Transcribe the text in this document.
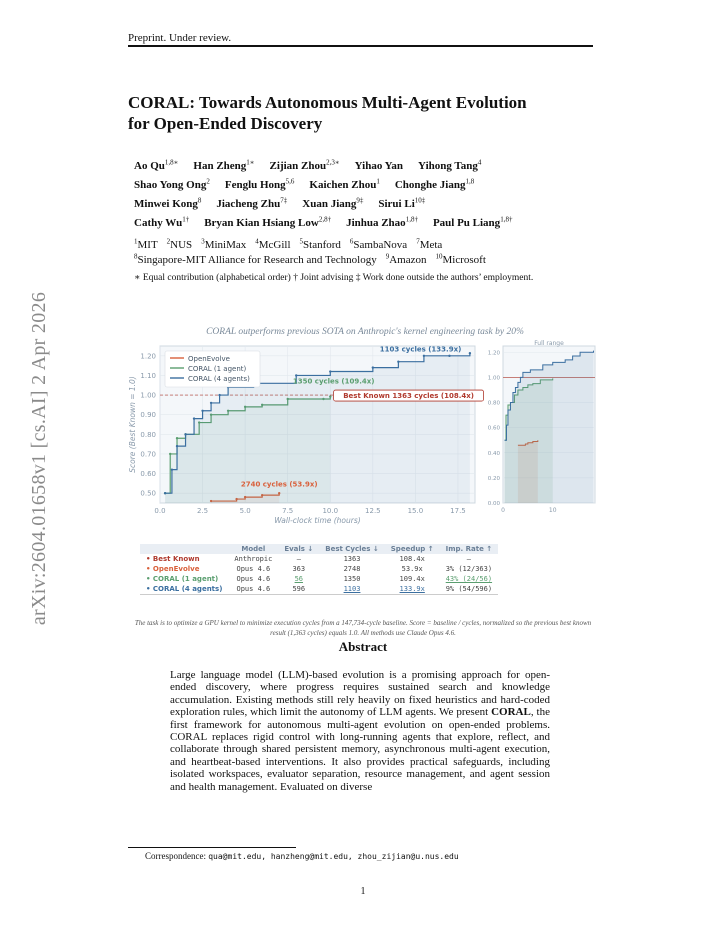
arXiv:2604.01658v1 [cs.AI] 2 Apr 2026
Preprint. Under review.
CORAL: Towards Autonomous Multi-Agent Evolution
for Open-Ended Discovery
Ao $Qu^{1,8∗}$ Han Zheng$^{1∗}$ Zijian Zhou$^{2,3∗}$ Yihao Yan Yihong Tang$^4$
Shao Yong Ong$^2$ Fenglu Hong$^{5,6}$ Kaichen Zhou$^1$ Chonghe Jiang$^{1,8}$
Minwei Kong$^8$ Jiacheng Zhu$^{7\ddagger}$ Xuan Jiang$^{9\ddagger}$ Sirui $Li^{10\ddagger}$
Cathy $Wu^{1\dagger}$ Bryan Kian Hsiang Low$^{2,8\dagger}$ Jinhua Zhao$^{1,8\dagger}$ Paul Pu Liang$^{1,8\dagger}$
$^1$MIT $^2$NUS $^3$MiniMax $^4$McGill $^5$Stanford $^6$SambaNova $^7$Meta
$^8$Singapore-MIT Alliance for Research and Technology $^9$Amazon $^{10}$Microsoft
∗ Equal contribution (alphabetical order) † Joint advising ‡ Work done outside the authors’ employment.
CORAL outperforms previous SOTA on Anthropic's kernel engineering task by 20%
0.50
0.60
0.70
0.80
0.90
1.00
1.10
1.20
0.0	2.5	5.0	7.5	10.0	12.5	15.0	17.5
Wall-clock time (hours)
Score (Best Known = 1.0)
1103 cycles (133.9x)
1350 cycles (109.4x)
Best Known 1363 cycles (108.4x)
2740 cycles (53.9x)
OpenEvolve
CORAL (1 agent)
CORAL (4 agents)
Full range
0.00
0.20
0.40
0.60
0.80
1.00
1.20
0	10
	Model	Evals ↓	Best Cycles ↓	Speedup ↑	Imp. Rate ↑
• Best Known	Anthropic	–	1363	108.4x	–
• OpenEvolve	Opus 4.6	363	2748	53.9x	3% (12/363)
• CORAL (1 agent)	Opus 4.6	56	1350	109.4x	43% (24/56)
• CORAL (4 agents)	Opus 4.6	596	1103	133.9x	9% (54/596)
The task is to optimize a GPU kernel to minimize execution cycles from a 147,734-cycle baseline. Score = baseline / cycles, normalized so the previous best known result (1,363 cycles) equals 1.0. All methods use Claude Opus 4.6.
Abstract
Large language model (LLM)-based evolution is a promising approach for open-ended discovery, where progress requires sustained search and knowledge accumulation. Existing methods still rely heavily on fixed heuristics and hard-coded exploration rules, which limit the autonomy of LLM agents. We present CORAL, the first framework for autonomous multi-agent evolution on open-ended problems. CORAL replaces rigid control with long-running agents that explore, reflect, and collaborate through shared persistent memory, asynchronous multi-agent execution, and heartbeat-based interventions. It also provides practical safeguards, including isolated workspaces, evaluator separation, resource management, and agent session and health management. Evaluated on diverse
Correspondence: qua@mit.edu, hanzheng@mit.edu, zhou_zijian@u.nus.edu
1
